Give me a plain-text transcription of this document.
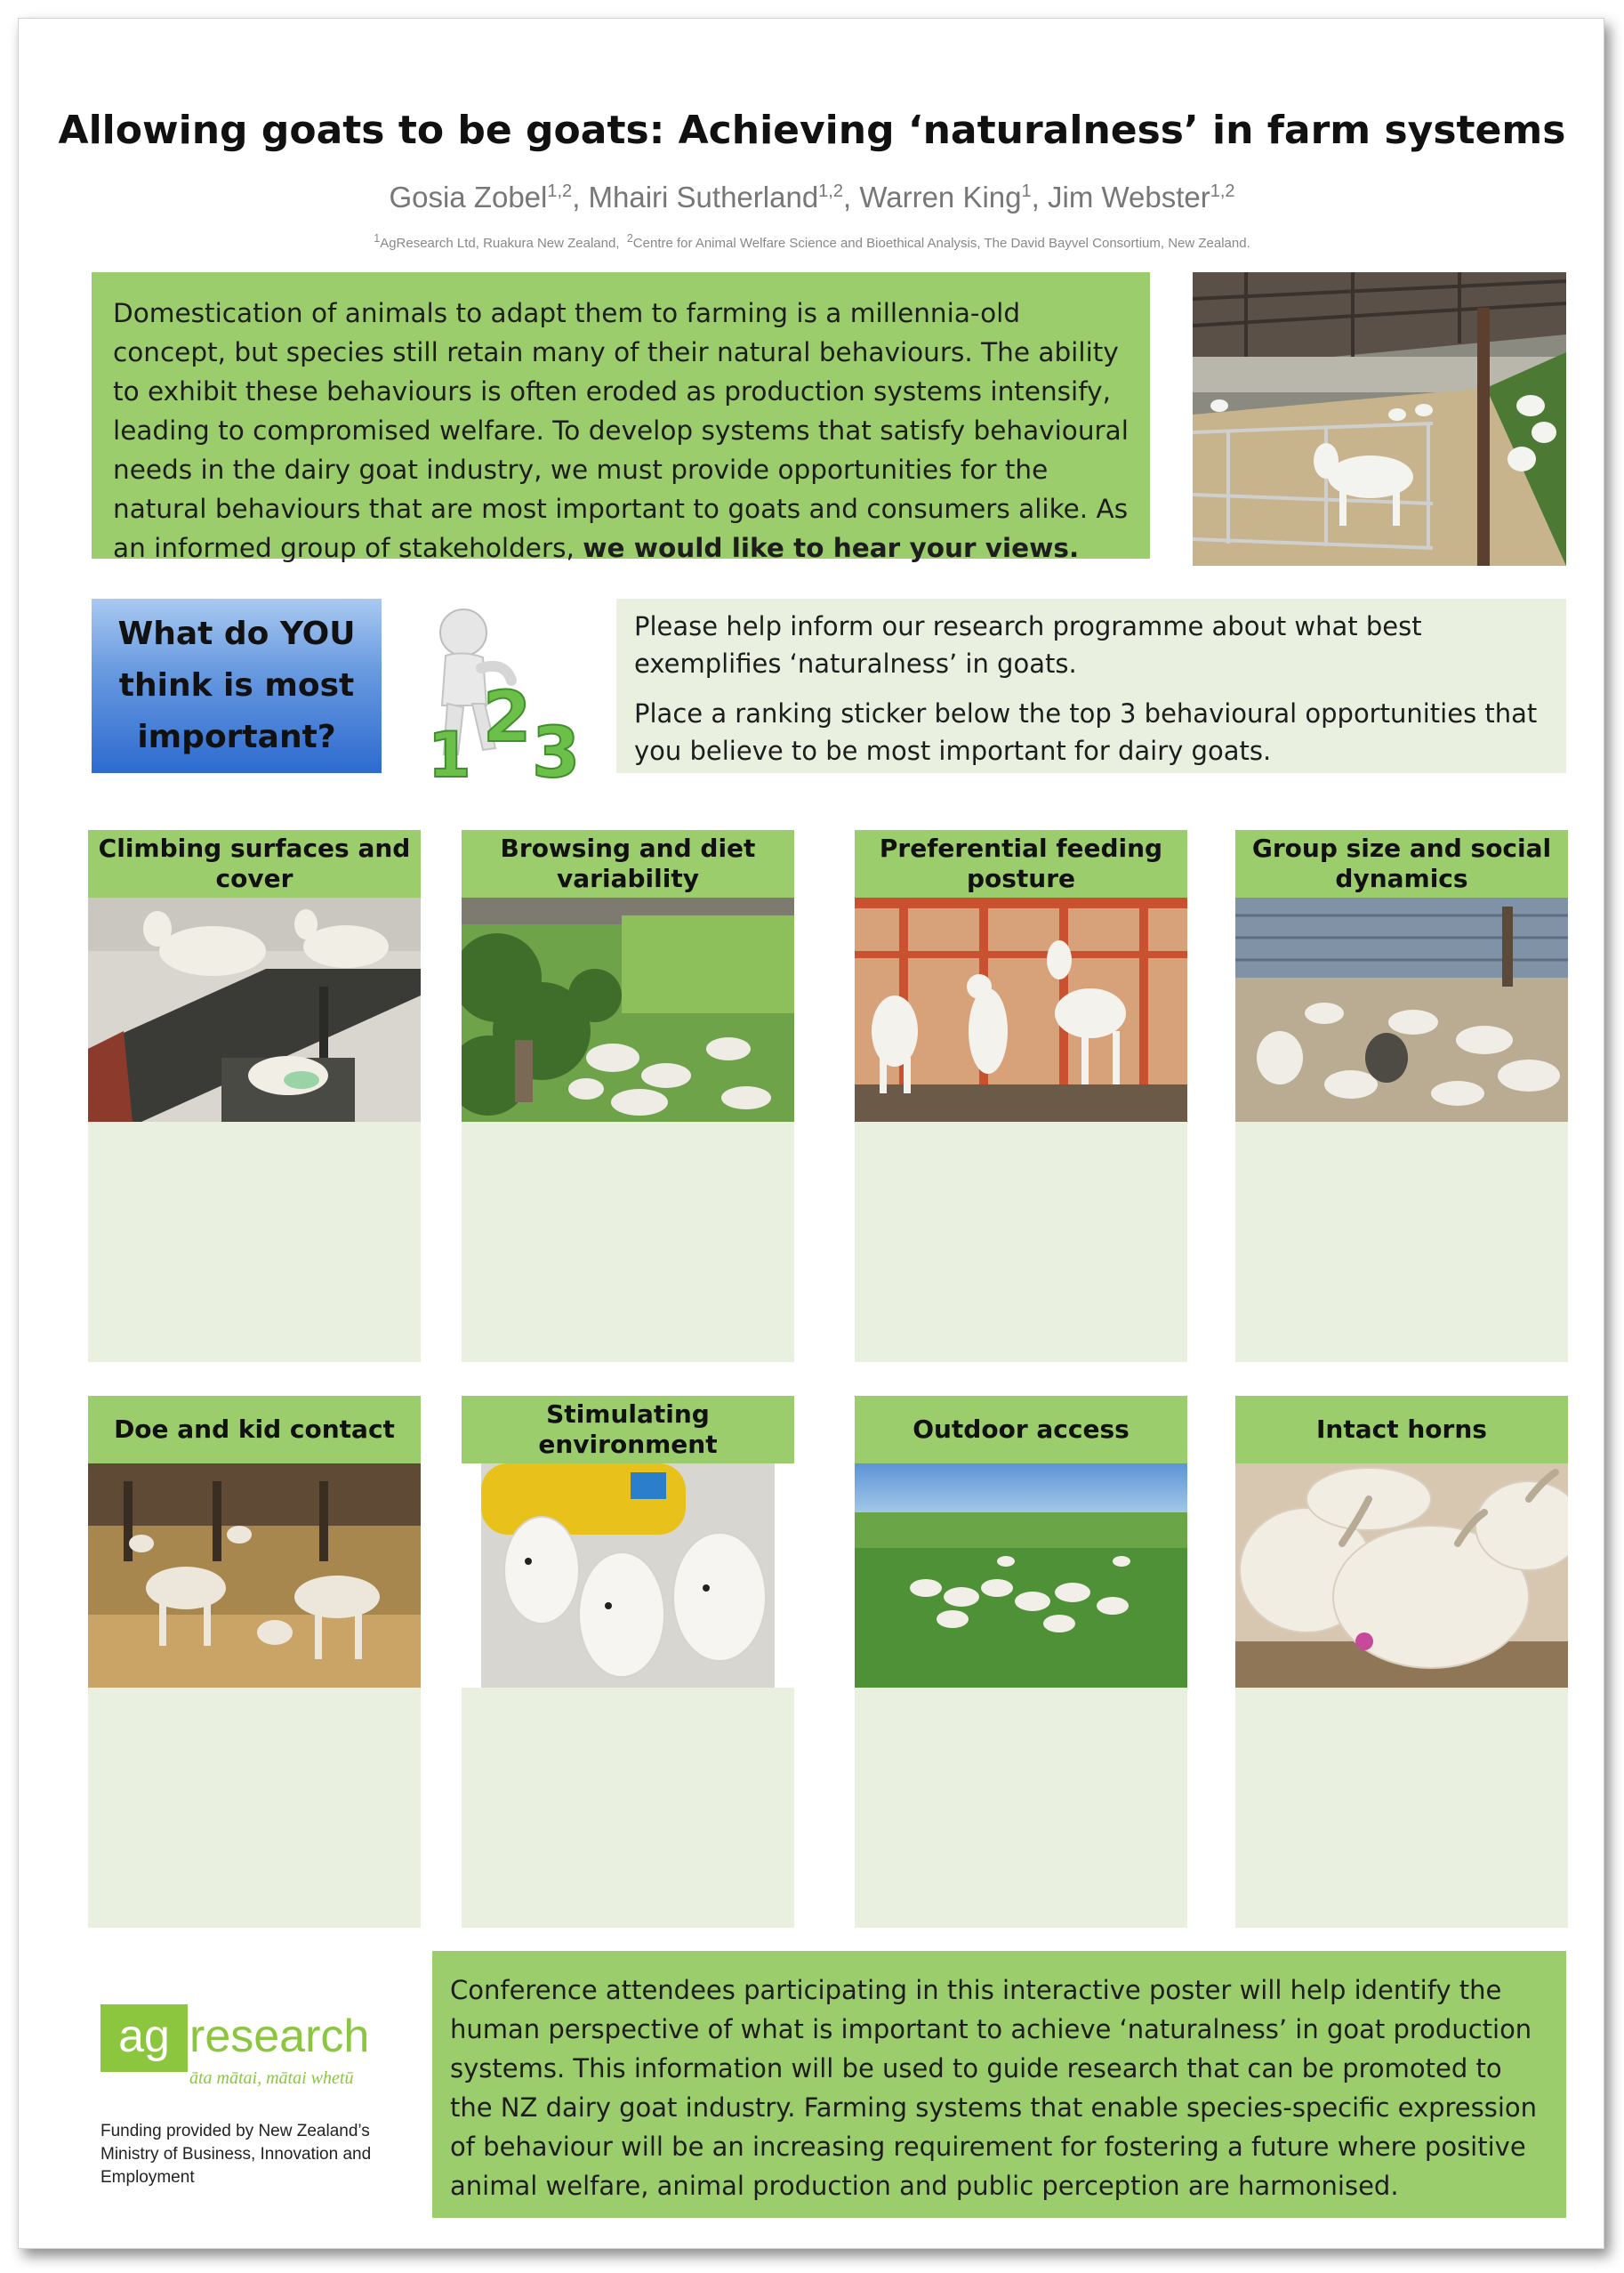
Allowing goats to be goats: Achieving ‘naturalness’ in farm systems
Gosia Zobel$^{1,2}$, Mhairi Sutherland$^{1,2}$, Warren King$^1$, Jim Webster$^{1,2}$
$^1$AgResearch Ltd, Ruakura New Zealand, $^2$Centre for Animal Welfare Science and Bioethical Analysis, The David Bayvel Consortium, New Zealand.
Domestication of animals to adapt them to farming is a millennia-old concept, but species still retain many of their natural behaviours. The ability to exhibit these behaviours is often eroded as production systems intensify, leading to compromised welfare. To develop systems that satisfy behavioural needs in the dairy goat industry, we must provide opportunities for the natural behaviours that are most important to goats and consumers alike. As an informed group of stakeholders, we would like to hear your views.
What do YOU think is most important?	1 2 3

Please help inform our research programme about what best exemplifies ‘naturalness’ in goats.

Place a ranking sticker below the top 3 behavioural opportunities that you believe to be most important for dairy goats.

Climbing surfaces and cover
Browsing and diet variability
Preferential feeding posture
Group size and social dynamics
Doe and kid contact
Stimulating environment
Outdoor access	Intact horns
ag research
āta mātai, mātai whetū
Funding provided by New Zealand’s Ministry of Business, Innovation and Employment
Conference attendees participating in this interactive poster will help identify the human perspective of what is important to achieve ‘naturalness’ in goat production systems. This information will be used to guide research that can be promoted to the NZ dairy goat industry. Farming systems that enable species-specific expression of behaviour will be an increasing requirement for fostering a future where positive animal welfare, animal production and public perception are harmonised.
